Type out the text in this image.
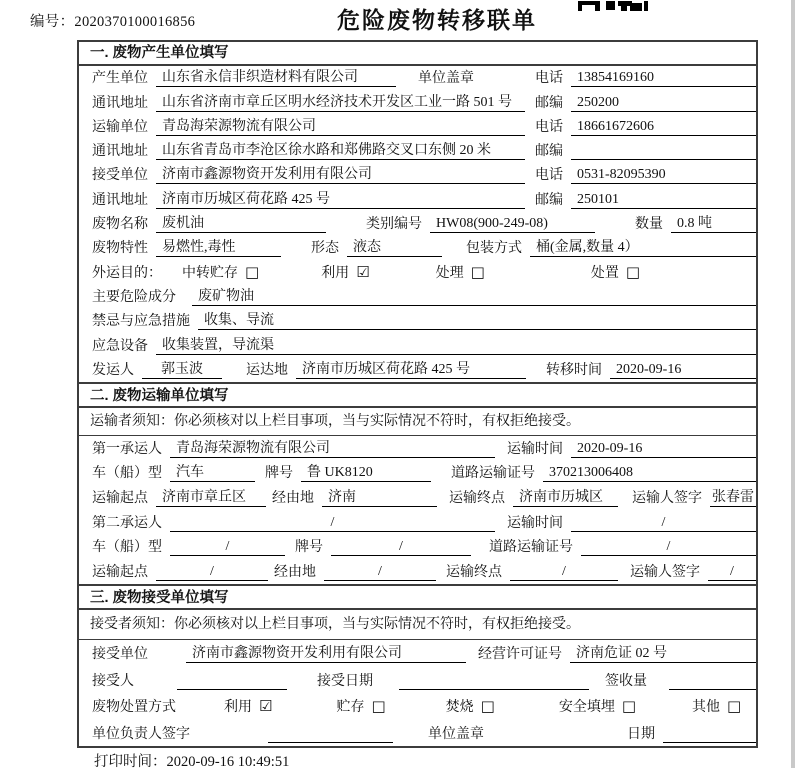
编号：2020370100016856	危险废物转移联单
一. 废物产生单位填写
产生单位	山东省永信非织造材料有限公司	单位盖章	电话	13854169160
通讯地址	山东省济南市章丘区明水经济技术开发区工业一路 501 号	邮编	250200
运输单位	青岛海荣源物流有限公司	电话	18661672606
通讯地址	山东省青岛市李沧区徐水路和郑佛路交叉口东侧 20 米	邮编
接受单位	济南市鑫源物资开发利用有限公司	电话	0531-82095390
通讯地址	济南市历城区荷花路 425 号	邮编	250101
废物名称	废机油	类别编号	HW08(900-249-08)	数量	0.8 吨
废物特性	易燃性,毒性	形态	液态	包装方式	桶(金属,数量 4）
外运目的： 中转贮存 □	利用 ☑	处理 □	处置 □
主要危险成分	废矿物油
禁忌与应急措施	收集、导流
应急设备	收集装置，导流渠
发运人	郭玉波	运达地	济南市历城区荷花路 425 号	转移时间	2020-09-16
二. 废物运输单位填写
运输者须知：你必须核对以上栏目事项，当与实际情况不符时，有权拒绝接受。
第一承运人	青岛海荣源物流有限公司	运输时间	2020-09-16
车（船）型	汽车	牌号	鲁 UK8120	道路运输证号	370213006408
运输起点	济南市章丘区	经由地	济南	运输终点	济南市历城区	运输人签字 张春雷
第二承运人	/	运输时间	/
车（船）型	/	牌号	/	道路运输证号	/
运输起点	/	经由地	/	运输终点	/	运输人签字	/
三. 废物接受单位填写
接受者须知：你必须核对以上栏目事项，当与实际情况不符时，有权拒绝接受。
接受单位	济南市鑫源物资开发利用有限公司	经营许可证号	济南危证 02 号
接受人	接受日期	签收量
废物处置方式	利用 ☑	贮存 □	焚烧 □	安全填埋 □	其他 □
单位负责人签字	单位盖章	日期
打印时间：2020-09-16 10:49:51
